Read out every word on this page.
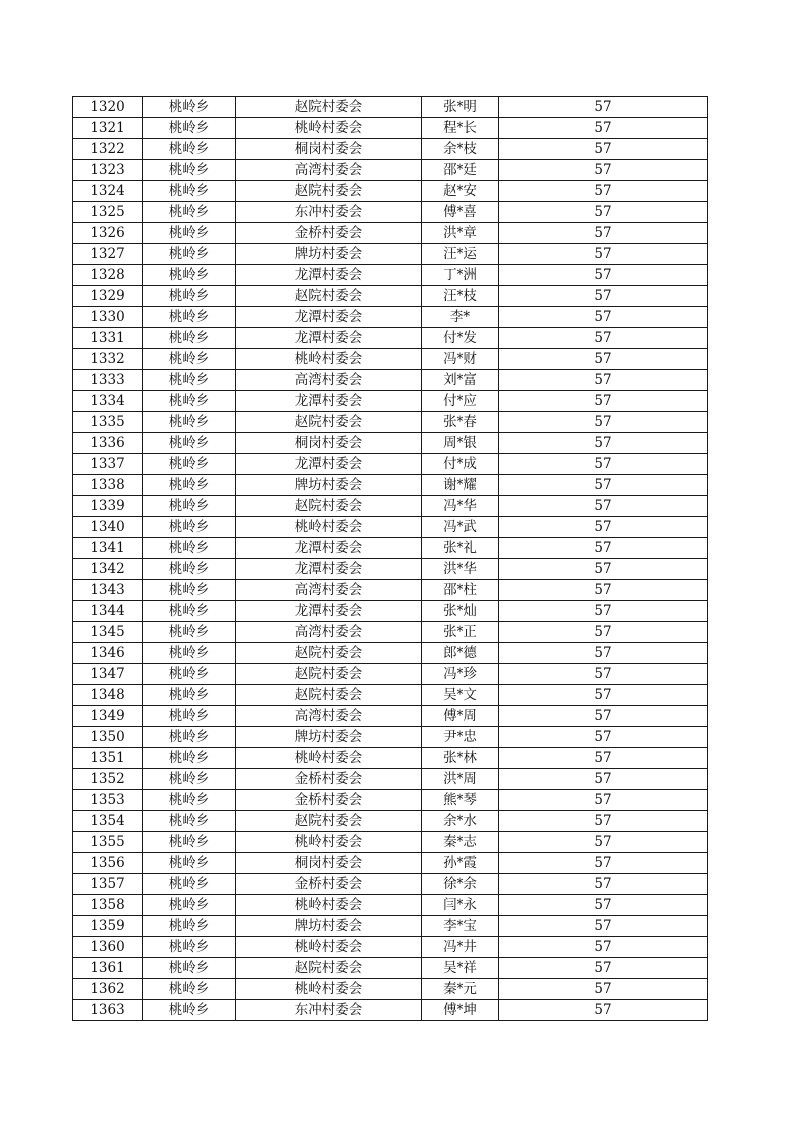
1320	桃岭乡	赵院村委会	张*明	57
1321	桃岭乡	桃岭村委会	程*长	57
1322	桃岭乡	桐岗村委会	余*枝	57
1323	桃岭乡	高湾村委会	邵*廷	57
1324	桃岭乡	赵院村委会	赵*安	57
1325	桃岭乡	东冲村委会	傅*喜	57
1326	桃岭乡	金桥村委会	洪*章	57
1327	桃岭乡	牌坊村委会	汪*运	57
1328	桃岭乡	龙潭村委会	丁*洲	57
1329	桃岭乡	赵院村委会	汪*枝	57
1330	桃岭乡	龙潭村委会	李*	57
1331	桃岭乡	龙潭村委会	付*发	57
1332	桃岭乡	桃岭村委会	冯*财	57
1333	桃岭乡	高湾村委会	刘*富	57
1334	桃岭乡	龙潭村委会	付*应	57
1335	桃岭乡	赵院村委会	张*春	57
1336	桃岭乡	桐岗村委会	周*银	57
1337	桃岭乡	龙潭村委会	付*成	57
1338	桃岭乡	牌坊村委会	谢*耀	57
1339	桃岭乡	赵院村委会	冯*华	57
1340	桃岭乡	桃岭村委会	冯*武	57
1341	桃岭乡	龙潭村委会	张*礼	57
1342	桃岭乡	龙潭村委会	洪*华	57
1343	桃岭乡	高湾村委会	邵*柱	57
1344	桃岭乡	龙潭村委会	张*灿	57
1345	桃岭乡	高湾村委会	张*正	57
1346	桃岭乡	赵院村委会	郎*德	57
1347	桃岭乡	赵院村委会	冯*珍	57
1348	桃岭乡	赵院村委会	吴*文	57
1349	桃岭乡	高湾村委会	傅*周	57
1350	桃岭乡	牌坊村委会	尹*忠	57
1351	桃岭乡	桃岭村委会	张*林	57
1352	桃岭乡	金桥村委会	洪*周	57
1353	桃岭乡	金桥村委会	熊*琴	57
1354	桃岭乡	赵院村委会	余*水	57
1355	桃岭乡	桃岭村委会	秦*志	57
1356	桃岭乡	桐岗村委会	孙*霞	57
1357	桃岭乡	金桥村委会	徐*余	57
1358	桃岭乡	桃岭村委会	闫*永	57
1359	桃岭乡	牌坊村委会	李*宝	57
1360	桃岭乡	桃岭村委会	冯*井	57
1361	桃岭乡	赵院村委会	吴*祥	57
1362	桃岭乡	桃岭村委会	秦*元	57
1363	桃岭乡	东冲村委会	傅*坤	57
